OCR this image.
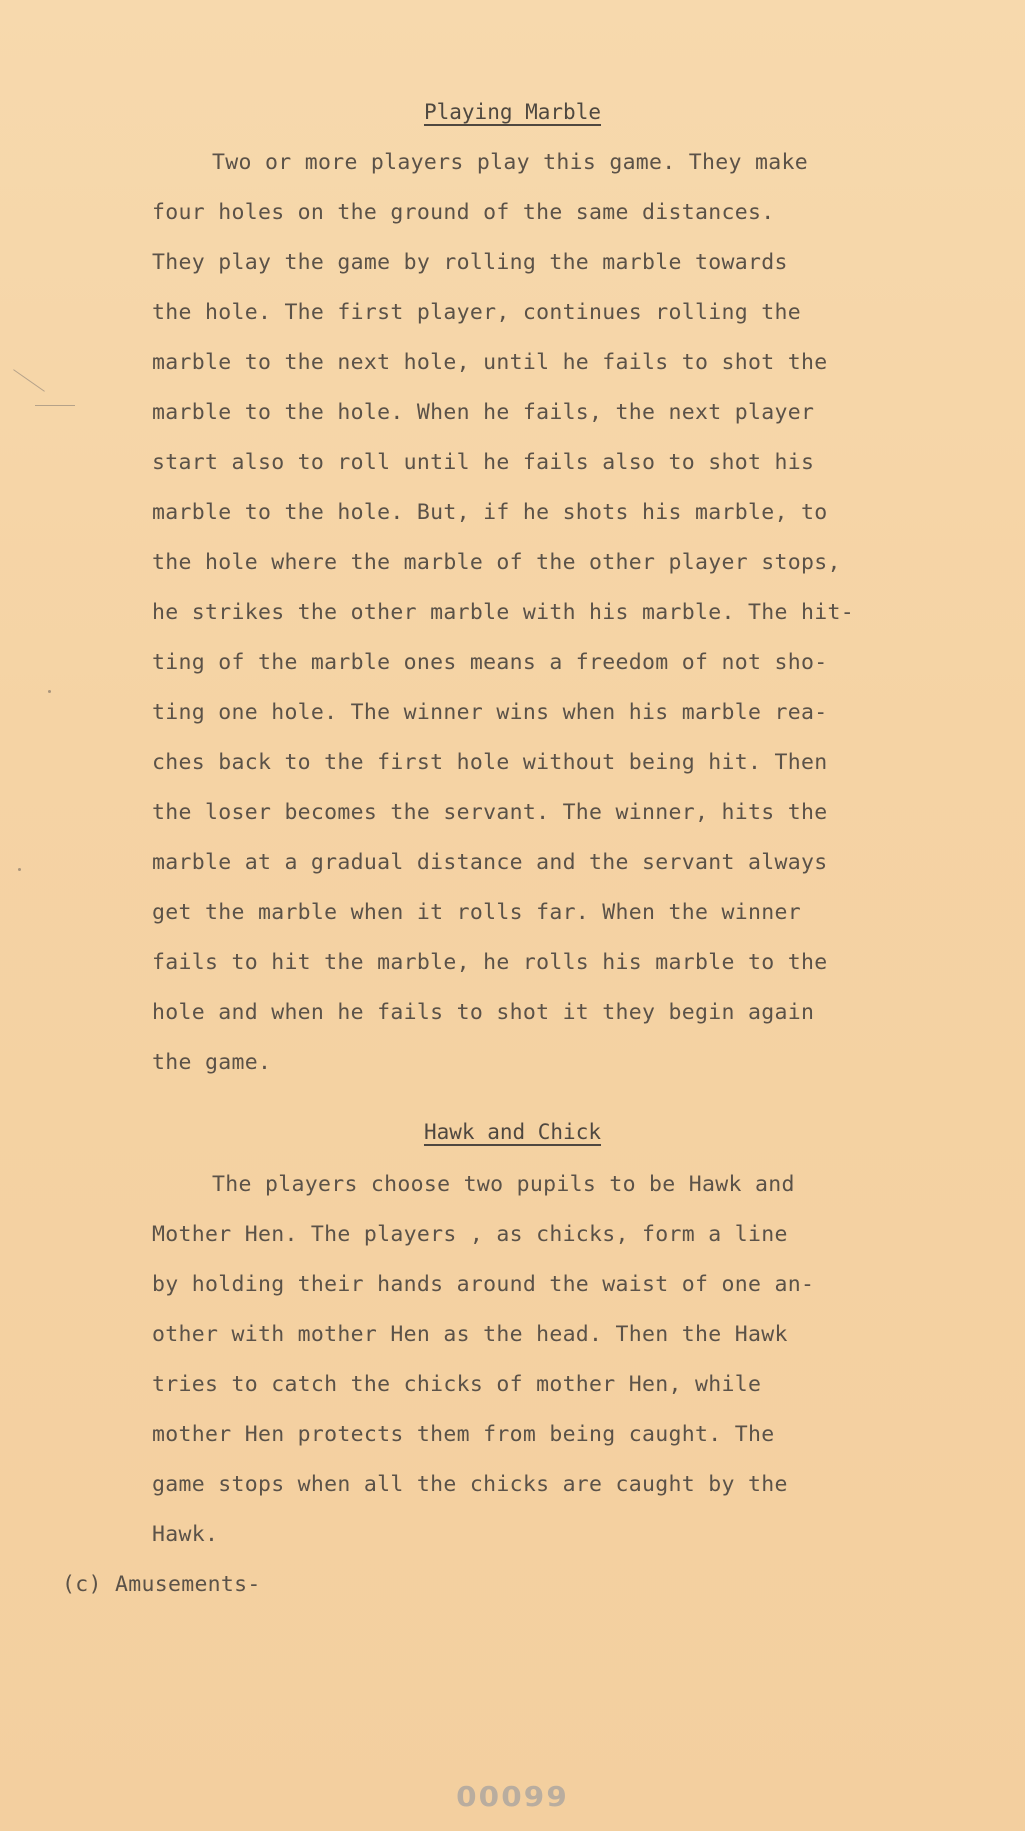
Playing Marble
Two or more players play this game. They make
four holes on the ground of the same distances.
They play the game by rolling the marble towards
the hole. The first player, continues rolling the
marble to the next hole, until he fails to shot the
marble to the hole. When he fails, the next player
start also to roll until he fails also to shot his
marble to the hole. But, if he shots his marble, to
the hole where the marble of the other player stops,
he strikes the other marble with his marble. The hit-
ting of the marble ones means a freedom of not sho-
ting one hole. The winner wins when his marble rea-
ches back to the first hole without being hit. Then
the loser becomes the servant. The winner, hits the
marble at a gradual distance and the servant always
get the marble when it rolls far. When the winner
fails to hit the marble, he rolls his marble to the
hole and when he fails to shot it they begin again
the game.
Hawk and Chick
The players choose two pupils to be Hawk and
Mother Hen. The players , as chicks, form a line
by holding their hands around the waist of one an-
other with mother Hen as the head. Then the Hawk
tries to catch the chicks of mother Hen, while
mother Hen protects them from being caught. The
game stops when all the chicks are caught by the
Hawk.
(c) Amusements-
00099
